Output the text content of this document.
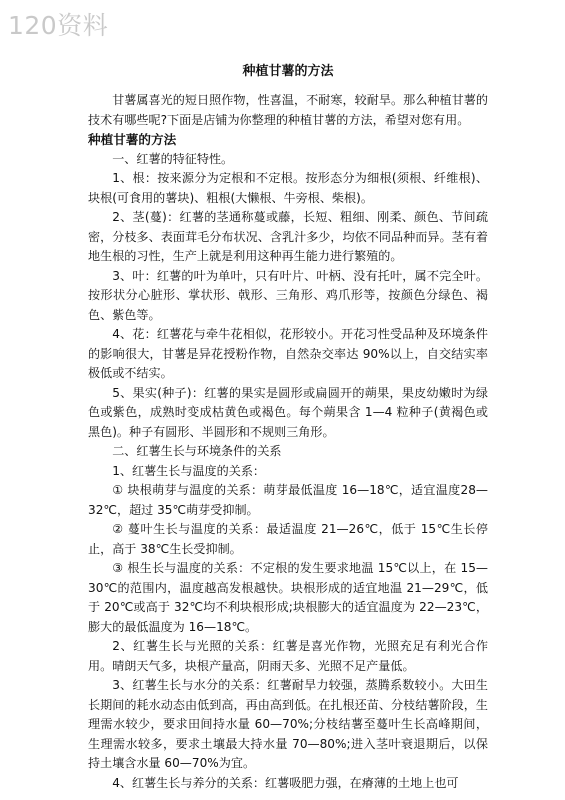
120资料
种植甘薯的方法

甘薯属喜光的短日照作物，性喜温，不耐寒，较耐旱。那么种植甘薯的技术有哪些呢?下面是店铺为你整理的种植甘薯的方法，希望对您有用。

种植甘薯的方法

一、红薯的特征特性。

1、根：按来源分为定根和不定根。按形态分为细根(须根、纤维根)、块根(可食用的薯块)、粗根(大懒根、牛旁根、柴根)。

2、茎(蔓)：红薯的茎通称蔓或藤，长短、粗细、刚柔、颜色、节间疏密，分枝多、表面茸毛分布状况、含乳汁多少，均依不同品种而异。茎有着地生根的习性，生产上就是利用这种再生能力进行繁殖的。

3、叶：红薯的叶为单叶，只有叶片、叶柄、没有托叶，属不完全叶。按形状分心脏形、掌状形、戟形、三角形、鸡爪形等，按颜色分绿色、褐色、紫色等。

4、花：红薯花与牵牛花相似，花形较小。开花习性受品种及环境条件的影响很大，甘薯是异花授粉作物，自然杂交率达 90%以上，自交结实率极低或不结实。

5、果实(种子)：红薯的果实是圆形或扁圆开的蒴果，果皮幼嫩时为绿色或紫色，成熟时变成枯黄色或褐色。每个蒴果含 1—4 粒种子(黄褐色或黑色)。种子有圆形、半圆形和不规则三角形。

二、红薯生长与环境条件的关系

1、红薯生长与温度的关系：

① 块根萌芽与温度的关系：萌芽最低温度 16—18℃，适宜温度28—32℃，超过 35℃萌芽受抑制。

② 蔓叶生长与温度的关系：最适温度 21—26℃，低于 15℃生长停止，高于 38℃生长受抑制。

③ 根生长与温度的关系：不定根的发生要求地温 15℃以上，在 15—30℃的范围内，温度越高发根越快。块根形成的适宜地温 21—29℃，低于 20℃或高于 32℃均不利块根形成;块根膨大的适宜温度为 22—23℃，膨大的最低温度为 16—18℃。

2、红薯生长与光照的关系：红薯是喜光作物，光照充足有利光合作用。晴朗天气多，块根产量高，阴雨天多、光照不足产量低。

3、红薯生长与水分的关系：红薯耐旱力较强，蒸腾系数较小。大田生长期间的耗水动态由低到高，再由高到低。在扎根还苗、分枝结薯阶段，生理需水较少，要求田间持水量 60—70%;分枝结薯至蔓叶生长高峰期间，生理需水较多，要求土壤最大持水量 70—80%;进入茎叶衰退期后，以保持土壤含水量 60—70%为宜。

4、红薯生长与养分的关系：红薯吸肥力强，在瘠薄的土地上也可
